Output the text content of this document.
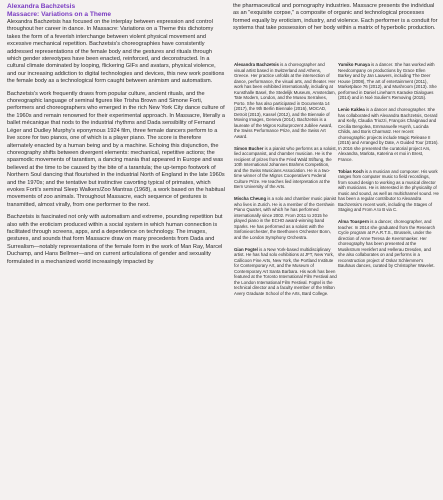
Alexandra Bachzetsis
Massacre: Variations on a Theme

Alexandra Bachzetsis has focused on the interplay between expression and control throughout her career in dance. In Massacre: Variations on a Theme this dichotomy takes the form of a feverish interchange between violent physical movement and excessive mechanical repetition. Bachzetsis's choreographies have consistently addressed representations of the female body and the gestures and rituals through which gender stereotypes have been enacted, reinforced, and deconstructed. In a cultural climate dominated by looping, flickering GIFs and avatars, physical violence, and our increasing addiction to digital technologies and devices, this new work positions the female body as a technological form caught between animism and automatism.

Bachzetsis's work frequently draws from popular culture, ancient rituals, and the choreographic language of seminal figures like Trisha Brown and Simone Forti, performers and choreographers who emerged in the rich New York City dance culture of the 1960s and remain renowned for their experimental approach. In Massacre, literally a ballet mécanique that nods to the industrial rhythms and Dada sensibility of Fernand Léger and Dudley Murphy's eponymous 1924 film, three female dancers perform to a live score for two pianos, one of which is a player piano. The score is therefore alternately enacted by a human being and by a machine. Echoing this disjunction, the choreography shifts between divergent elements: mechanical, repetitive actions; the spasmodic movements of tarantism, a dancing mania that appeared in Europe and was believed at the time to be caused by the bite of a tarantula; the up-tempo footwork of Northern Soul dancing that flourished in the industrial North of England in the late 1960s and the 1970s; and the tentative but instinctive cavorting typical of primates, which evokes Forti's seminal Sleep Walkers/Zoo Mantras (1968), a work based on the habitual movements of zoo animals. Throughout Massacre, each sequence of gestures is transmitted, almost virally, from one performer to the next.

Bachzetsis is fascinated not only with automatism and extreme, pounding repetition but also with the eroticism produced within a social system in which human connection is facilitated through screens, apps, and a dependence on technology. The images, gestures, and sounds that form Massacre draw on many precedents from Dada and Surrealism—notably representations of the female form in the work of Man Ray, Marcel Duchamp, and Hans Bellmer—and on current articulations of gender and sexuality formulated in a mechanized world increasingly impacted by

the pharmaceutical and pornography industries. Massacre presents the individual as an "exquisite corpse," a composite of organic and technological processes formed equally by eroticism, industry, and violence. Each performer is a conduit for systems that take possession of her body within a matrix of hyperbolic production.
Alexandra Bachzetsis is a choreographer and visual artist based in Switzerland and Athens, Greece. Her practice unfolds at the intersection of dance, performance, the visual arts, and theater. Her work has been exhibited internationally, including at Kunsthalle Basel, the Stedelijk Museum, Amsterdam, Tate Modern, London, and the Museu Serralves, Porto. She has also participated in Documenta 14 (2017), the 9th Berlin Biennale (2016), MOCAD, Detroit (2013), Kassel (2012), and the Biennale of Moving Images, Geneva (2014). Bachzetsis is a laureate of the Migros Kulturprozent Jubilee Award, the Swiss Performance Prize, and the Swiss Art Award.
Simon Bucher is a pianist who performs as a soloist, lied accompanist, and chamber musician. He is the recipient of prizes from the Fried Wald Stiftung, the 10th International Johannes Brahms Competition, and the Swiss Musicians Association. He is a two-time winner of the Migros Cooperative's Federal Culture Prize. He teaches lied interpretation at the Bern University of the Arts.
Mischa Cheung is a solo and chamber music pianist who lives in Zurich. He is a member of the Gershwin Piano Quartet, with which he has performed internationally since 2002. From 2011 to 2015 he played piano in the ECHO award-winning band Sparks. He has performed as a soloist with the Sinfonieorchester, the Beethoven Orchester Bonn, and the London Symphony Orchestra.
Gian Fogtel is a New York-based multidisciplinary artist. He has had solo exhibitions at JFT, New York, Callicoon Fine Arts, New York, the Portland Institute for Contemporary Art, and the Museum of Contemporary Art Santa Barbara. His work has been featured at the Toronto International Film Festival and the London International Film Festival. Fogtel is the technical director and a faculty member of the Milton Avery Graduate School of the Arts, Bard College.
Yumiko Funaya is a dancer. She has worked with Needcompany on productions by Grace Ellen Barkey and by Jan Lauwers, including The Deer House (2008), The art of entertainment (2011), Marketplace 76 (2012), and Mushroom (2013). She performed in Daniel Linehan's Karaoke Dialogues (2014) and in Noé Soulier's Removing (2015).
Lenio Kaklea is a dancer and choreographer. She has collaborated with Alexandra Bachzetsis, Gerard and Kelly, Claudia Triozzi, François Chaignaud and Cecilia Bengolea, Emmanuelle Huynh, Lucinda Childs, and Boris Charmatz. Her recent choreographic projects include Magic Release II (2015) and Arranged by Date, A Guided Tour (2016). In 2016 she presented the curatorial project Ars, Alexandra, Marlota, Katerina et moi in Brest, France.
Tobias Koch is a musician and composer. His work ranges from computer music to field recordings, from sound design to working as a musical director with musicians. He is interested in the physicality of music and sound, as well as multichannel sound. He has been a regular contributor to Alexandra Bachzetsis's recent work, including the Stages of Staging and From A to B via C.
Alma Toaspern is a dancer, choreographer, and teacher. In 2014 she graduated from the Research Cycle program at P.A.R.T.S., Brussels, under the direction of Anne Teresa de Keersmaeker. Her choreography has been presented at the Musikstrum Henkfert and Hellerau Dresden, and she also collaborates on and performs in a reconstruction project of Oskar Schlemmer's Bauhaus dances, curated by Christopher Wavelet.
